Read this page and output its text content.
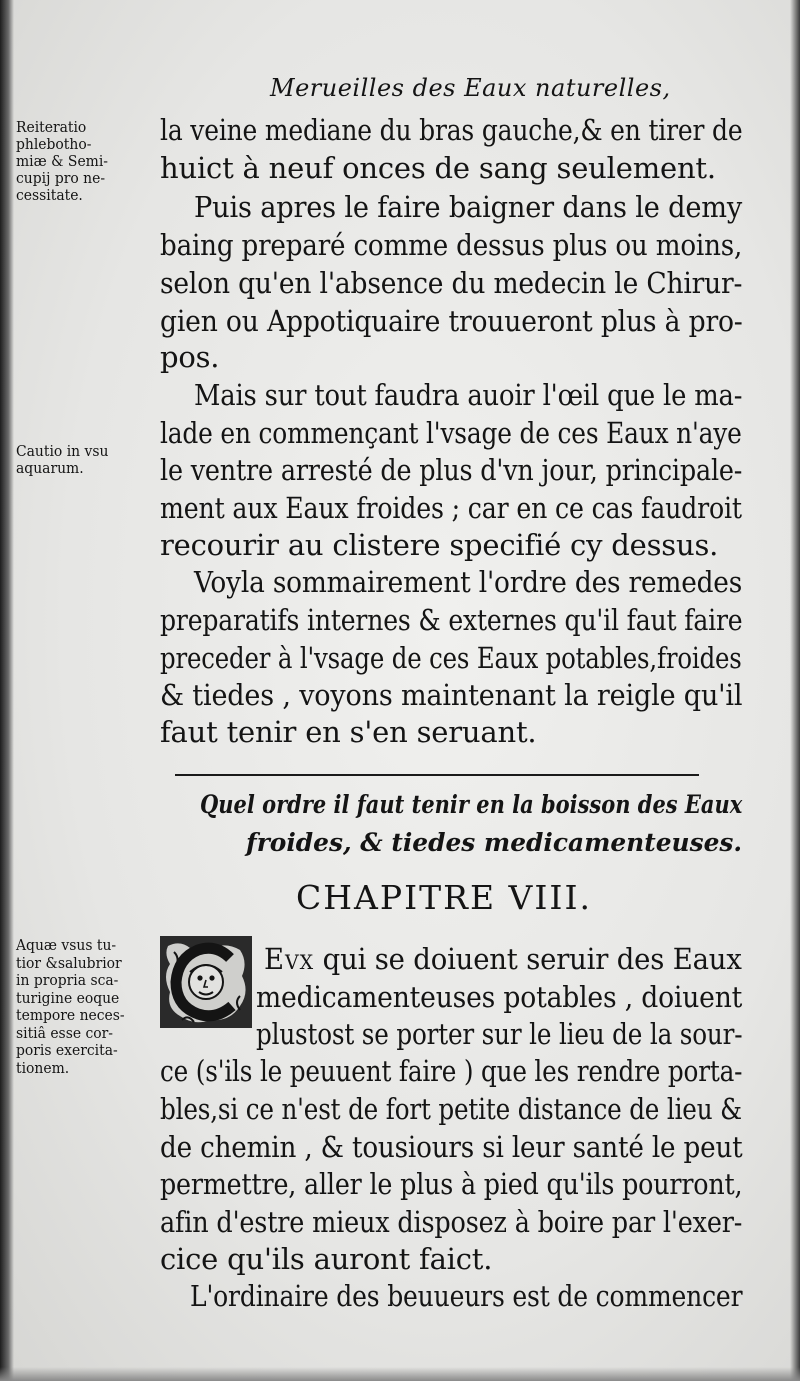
Merueilles des Eaux naturelles,
Reiteratio
phlebotho-
miæ & Semi-
cupij pro ne-
cessitate.
Cautio in vsu
aquarum.
Aquæ vsus tu-
tior &salubrior
in propria sca-
turigine eoque
tempore neces-
sitiâ esse cor-
poris exercita-
tionem.
la veine mediane du bras gauche,& en tirer de
huict à neuf onces de sang seulement.
Puis apres le faire baigner dans le demy
baing preparé comme dessus plus ou moins,
selon qu'en l'absence du medecin le Chirur-
gien ou Appotiquaire trouueront plus à pro-
pos.
Mais sur tout faudra auoir l'œil que le ma-
lade en commençant l'vsage de ces Eaux n'aye
le ventre arresté de plus d'vn jour, principale-
ment aux Eaux froides ; car en ce cas faudroit
recourir au clistere specifié cy dessus.
Voyla sommairement l'ordre des remedes
preparatifs internes & externes qu'il faut faire
preceder à l'vsage de ces Eaux potables,froides
& tiedes , voyons maintenant la reigle qu'il
faut tenir en s'en seruant.
Quel ordre il faut tenir en la boisson des Eaux
froides, & tiedes medicamenteuses.
CHAPITRE VIII.
Evx qui se doiuent seruir des Eaux
medicamenteuses potables , doiuent
plustost se porter sur le lieu de la sour-
ce (s'ils le peuuent faire ) que les rendre porta-
bles,si ce n'est de fort petite distance de lieu &
de chemin , & tousiours si leur santé le peut
permettre, aller le plus à pied qu'ils pourront,
afin d'estre mieux disposez à boire par l'exer-
cice qu'ils auront faict.
L'ordinaire des beuueurs est de commencer
